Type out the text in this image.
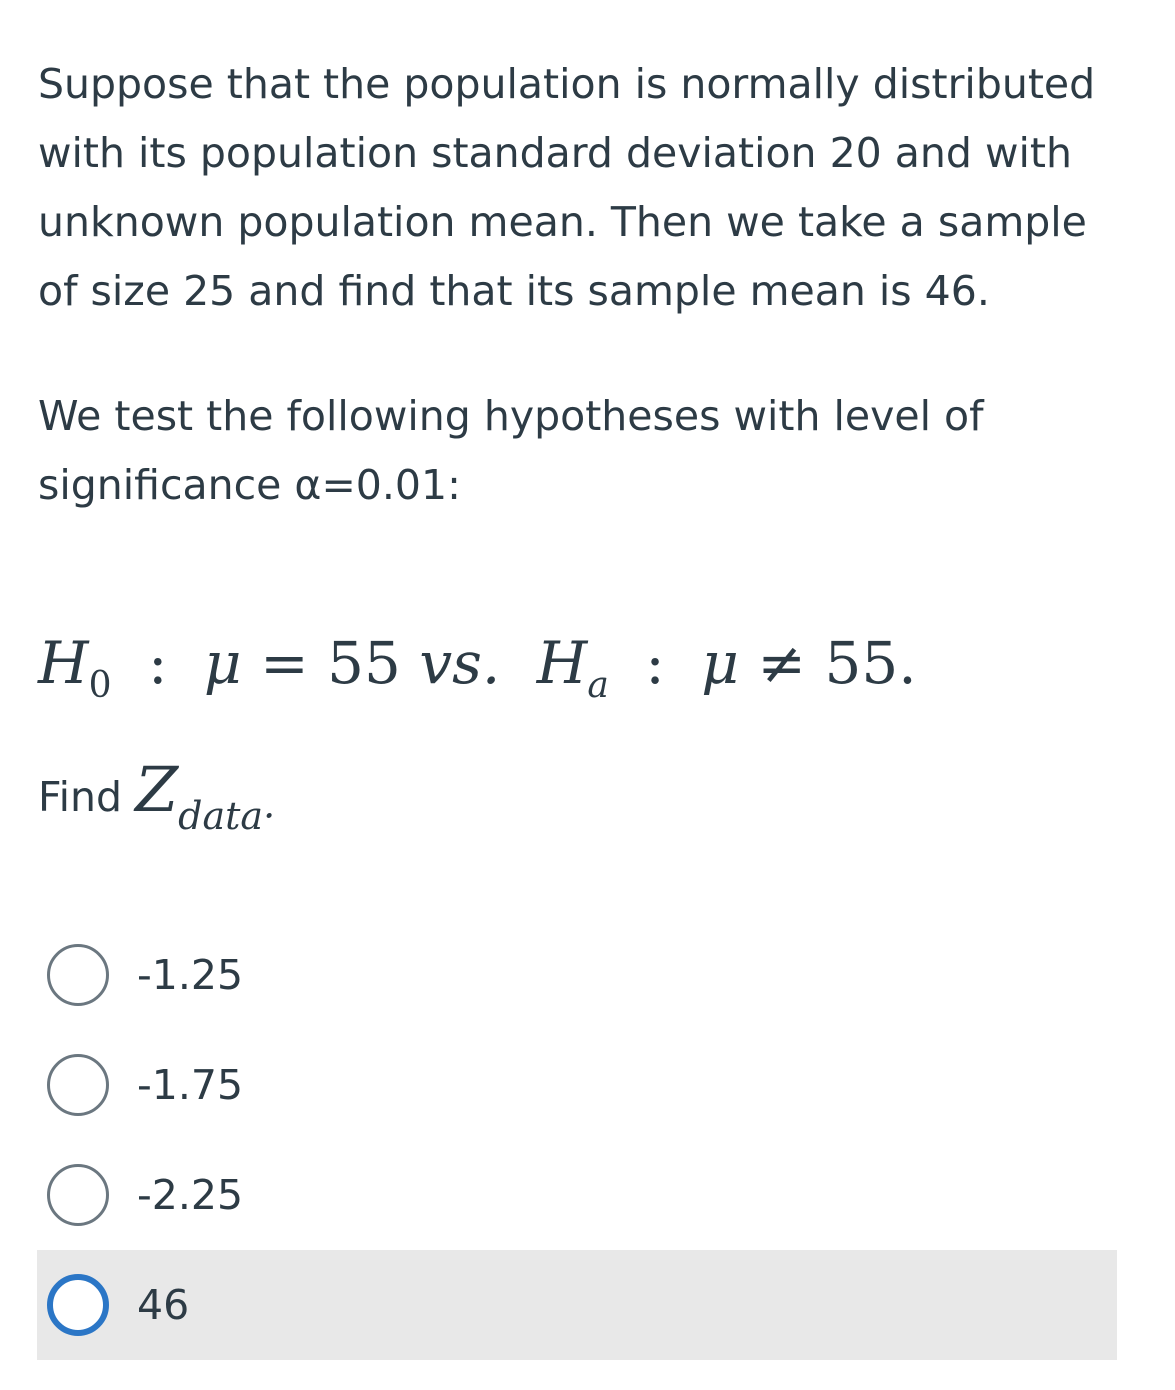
Suppose that the population is normally distributed with its population standard deviation 20 and with unknown population mean. Then we take a sample of size 25 and find that its sample mean is 46.

We test the following hypotheses with level of significance α=0.01:

$H_0$ : μ = 55 vs. $H_a$ : μ ≠ 55.
Find Zdata·
-1.25
-1.75
-2.25
46
